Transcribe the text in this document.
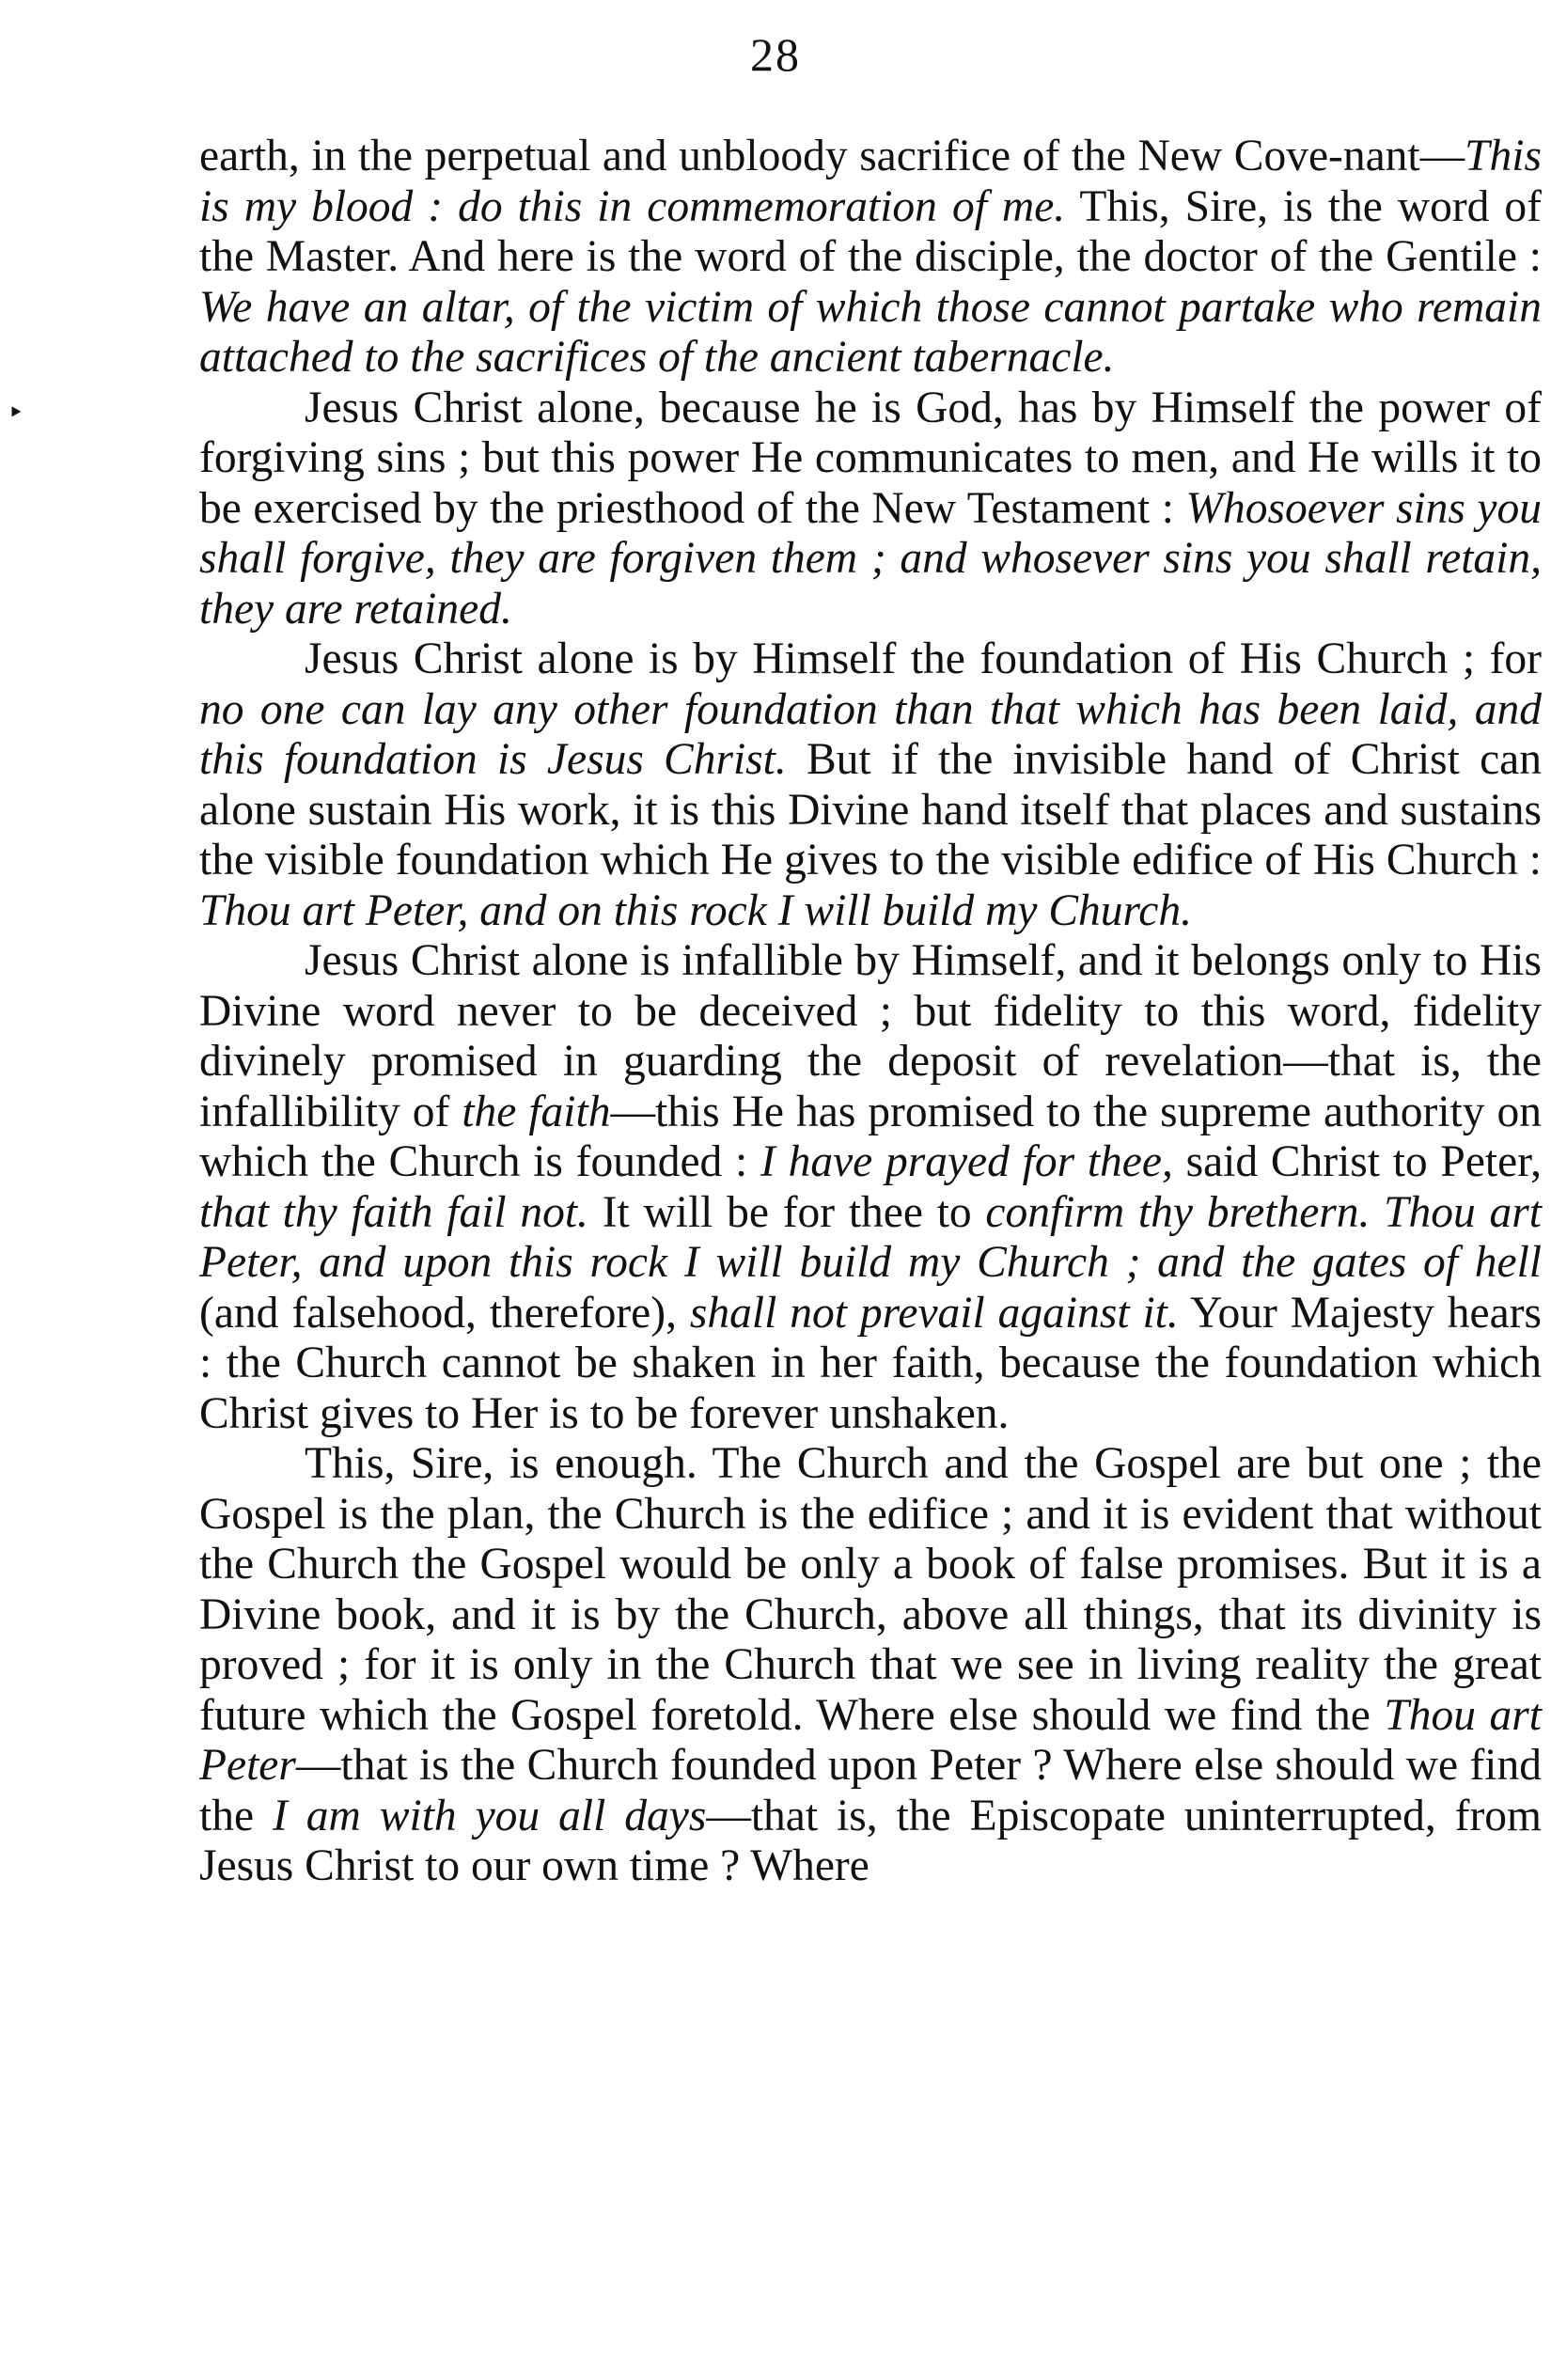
28

earth, in the perpetual and unbloody sacrifice of the New Cove-nant—This is my blood : do this in commemoration of me. This, Sire, is the word of the Master. And here is the word of the disciple, the doctor of the Gentile : We have an altar, of the victim of which those cannot partake who remain attached to the sacrifices of the ancient tabernacle.

Jesus Christ alone, because he is God, has by Himself the power of forgiving sins ; but this power He communicates to men, and He wills it to be exercised by the priesthood of the New Testament : Whosoever sins you shall forgive, they are forgiven them ; and whosever sins you shall retain, they are retained.

Jesus Christ alone is by Himself the foundation of His Church ; for no one can lay any other foundation than that which has been laid, and this foundation is Jesus Christ. But if the invisible hand of Christ can alone sustain His work, it is this Divine hand itself that places and sustains the visible foundation which He gives to the visible edifice of His Church : Thou art Peter, and on this rock I will build my Church.

Jesus Christ alone is infallible by Himself, and it belongs only to His Divine word never to be deceived ; but fidelity to this word, fidelity divinely promised in guarding the deposit of revelation—that is, the infallibility of the faith—this He has promised to the supreme authority on which the Church is founded : I have prayed for thee, said Christ to Peter, that thy faith fail not. It will be for thee to confirm thy brethern. Thou art Peter, and upon this rock I will build my Church ; and the gates of hell (and falsehood, therefore), shall not prevail against it. Your Majesty hears : the Church cannot be shaken in her faith, because the foundation which Christ gives to Her is to be forever unshaken.

This, Sire, is enough. The Church and the Gospel are but one ; the Gospel is the plan, the Church is the edifice ; and it is evident that without the Church the Gospel would be only a book of false promises. But it is a Divine book, and it is by the Church, above all things, that its divinity is proved ; for it is only in the Church that we see in living reality the great future which the Gospel foretold. Where else should we find the Thou art Peter—that is the Church founded upon Peter ? Where else should we find the I am with you all days—that is, the Episcopate uninterrupted, from Jesus Christ to our own time ? Where

‣
